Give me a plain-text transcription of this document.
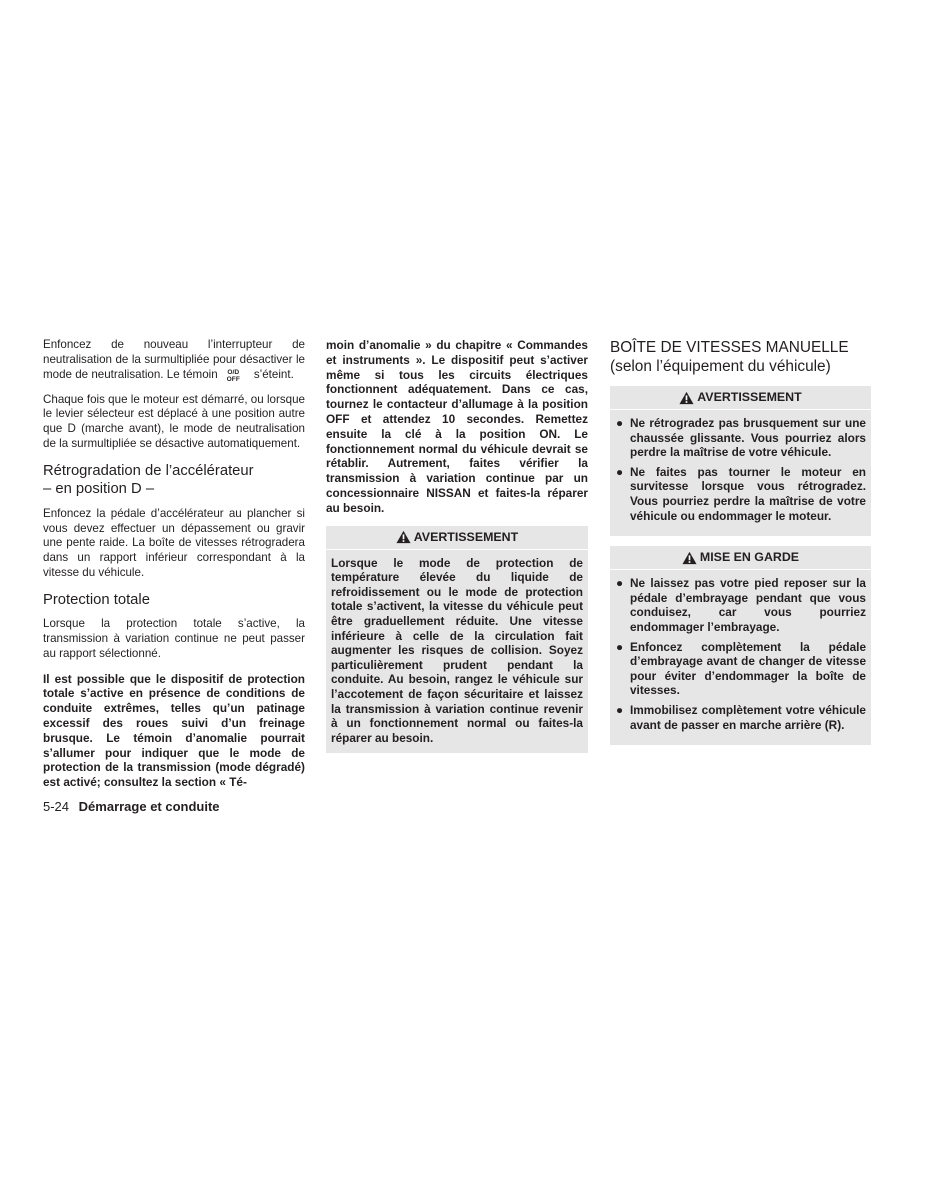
Enfoncez de nouveau l’interrupteur de neutralisation de la surmultipliée pour désactiver le mode de neutralisation. Le témoin O/D
OFF s’éteint.

Chaque fois que le moteur est démarré, ou lorsque le levier sélecteur est déplacé à une position autre que D (marche avant), le mode de neutralisation de la surmultipliée se désactive automatiquement.

Rétrogradation de l’accélérateur
– en position D –

Enfoncez la pédale d’accélérateur au plancher si vous devez effectuer un dépassement ou gravir une pente raide. La boîte de vitesses rétrogradera dans un rapport inférieur correspondant à la vitesse du véhicule.

Protection totale

Lorsque la protection totale s’active, la transmission à variation continue ne peut passer au rapport sélectionné.

Il est possible que le dispositif de protection totale s’active en présence de conditions de conduite extrêmes, telles qu’un patinage excessif des roues suivi d’un freinage brusque. Le témoin d’anomalie pourrait s’allumer pour indiquer que le mode de protection de la transmission (mode dégradé) est activé; consultez la section « Té-

moin d’anomalie » du chapitre « Commandes et instruments ». Le dispositif peut s’activer même si tous les circuits électriques fonctionnent adéquatement. Dans ce cas, tournez le contacteur d’allumage à la position OFF et attendez 10 secondes. Remettez ensuite la clé à la position ON. Le fonctionnement normal du véhicule devrait se rétablir. Autrement, faites vérifier la transmission à variation continue par un concessionnaire NISSAN et faites-la réparer au besoin.

AVERTISSEMENT
Lorsque le mode de protection de température élevée du liquide de refroidissement ou le mode de protection totale s’activent, la vitesse du véhicule peut être graduellement réduite. Une vitesse inférieure à celle de la circulation fait augmenter les risques de collision. Soyez particulièrement prudent pendant la conduite. Au besoin, rangez le véhicule sur l’accotement de façon sécuritaire et laissez la transmission à variation continue revenir à un fonctionnement normal ou faites-la réparer au besoin.
BOÎTE DE VITESSES MANUELLE
(selon l’équipement du véhicule)
AVERTISSEMENT
● Ne rétrogradez pas brusquement sur une chaussée glissante. Vous pourriez alors perdre la maîtrise de votre véhicule.
● Ne faites pas tourner le moteur en survitesse lorsque vous rétrogradez. Vous pourriez perdre la maîtrise de votre véhicule ou endommager le moteur.
MISE EN GARDE
● Ne laissez pas votre pied reposer sur la pédale d’embrayage pendant que vous conduisez, car vous pourriez endommager l’embrayage.
● Enfoncez complètement la pédale d’embrayage avant de changer de vitesse pour éviter d’endommager la boîte de vitesses.
● Immobilisez complètement votre véhicule avant de passer en marche arrière (R).
5-24 Démarrage et conduite
